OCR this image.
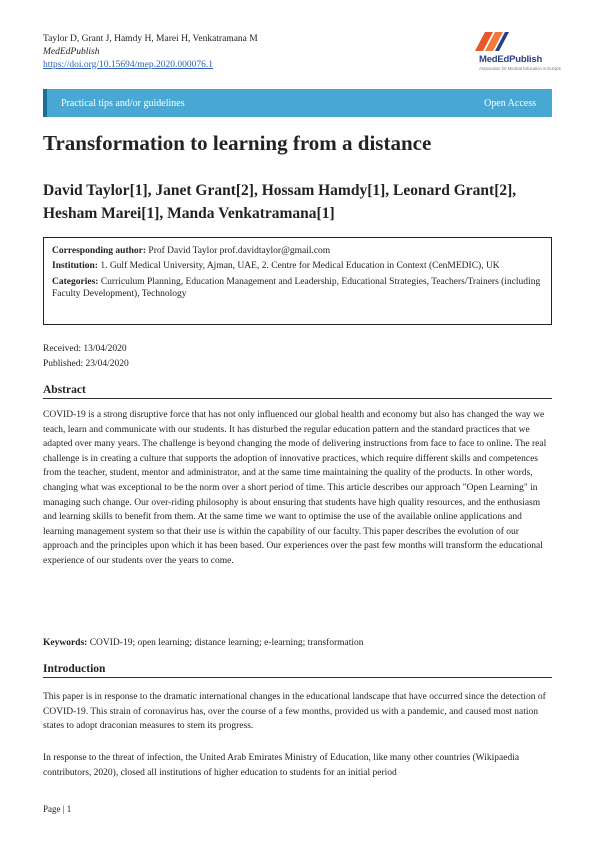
Taylor D, Grant J, Hamdy H, Marei H, Venkatramana M
MedEdPublish
https://doi.org/10.15694/mep.2020.000076.1	MedEdPublish
Association for Medical Education in Europe
Practical tips and/or guidelines	Open Access
Transformation to learning from a distance

David Taylor[1], Janet Grant[2], Hossam Hamdy[1], Leonard Grant[2], Hesham Marei[1], Manda Venkatramana[1]

Corresponding author: Prof David Taylor prof.davidtaylor@gmail.com

Institution: 1. Gulf Medical University, Ajman, UAE, 2. Centre for Medical Education in Context (CenMEDIC), UK

Categories: Curriculum Planning, Education Management and Leadership, Educational Strategies, Teachers/Trainers (including Faculty Development), Technology

Received: 13/04/2020
Published: 23/04/2020
Abstract

COVID-19 is a strong disruptive force that has not only influenced our global health and economy but also has changed the way we teach, learn and communicate with our students. It has disturbed the regular education pattern and the standard practices that we adapted over many years. The challenge is beyond changing the mode of delivering instructions from face to face to online. The real challenge is in creating a culture that supports the adoption of innovative practices, which require different skills and competences from the teacher, student, mentor and administrator, and at the same time maintaining the quality of the products. In other words, changing what was exceptional to be the norm over a short period of time. This article describes our approach "Open Learning" in managing such change. Our over-riding philosophy is about ensuring that students have high quality resources, and the enthusiasm and learning skills to benefit from them. At the same time we want to optimise the use of the available online applications and learning management system so that their use is within the capability of our faculty. This paper describes the evolution of our approach and the principles upon which it has been based. Our experiences over the past few months will transform the educational experience of our students over the years to come.

Keywords: COVID-19; open learning; distance learning; e-learning; transformation

Introduction

This paper is in response to the dramatic international changes in the educational landscape that have occurred since the detection of COVID-19. This strain of coronavirus has, over the course of a few months, provided us with a pandemic, and caused most nation states to adopt draconian measures to stem its progress.

In response to the threat of infection, the United Arab Emirates Ministry of Education, like many other countries (Wikipaedia contributors, 2020), closed all institutions of higher education to students for an initial period

Page | 1
